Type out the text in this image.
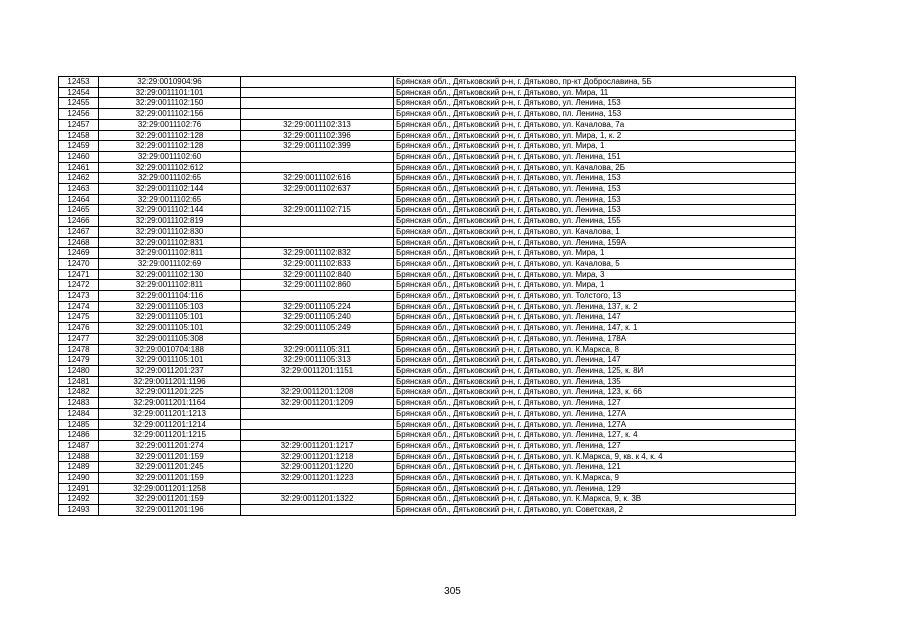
12453	32:29:0010904:96		Брянская обл., Дятьковский р-н, г. Дятьково, пр-кт Доброславина, 5Б
12454	32:29:0011101:101		Брянская обл., Дятьковский р-н, г. Дятьково, ул. Мира, 11
12455	32:29:0011102:150		Брянская обл., Дятьковский р-н, г. Дятьково, ул. Ленина, 153
12456	32:29:0011102:156		Брянская обл., Дятьковский р-н, г. Дятьково, пл. Ленина, 153
12457	32:29:0011102:76	32:29:0011102:313	Брянская обл., Дятьковский р-н, г. Дятьково, ул. Качалова, 7а
12458	32:29:0011102:128	32:29:0011102:396	Брянская обл., Дятьковский р-н, г. Дятьково, ул. Мира, 1, к. 2
12459	32:29:0011102:128	32:29:0011102:399	Брянская обл., Дятьковский р-н, г. Дятьково, ул. Мира, 1
12460	32:29:0011102:60		Брянская обл., Дятьковский р-н, г. Дятьково, ул. Ленина, 151
12461	32:29:0011102:612		Брянская обл., Дятьковский р-н, г. Дятьково, ул. Качалова, 2Б
12462	32:29:0011102:65	32:29:0011102:616	Брянская обл., Дятьковский р-н, г. Дятьково, ул. Ленина, 153
12463	32:29:0011102:144	32:29:0011102:637	Брянская обл., Дятьковский р-н, г. Дятьково, ул. Ленина, 153
12464	32:29:0011102:65		Брянская обл., Дятьковский р-н, г. Дятьково, ул. Ленина, 153
12465	32:29:0011102:144	32:29:0011102:715	Брянская обл., Дятьковский р-н, г. Дятьково, ул. Ленина, 153
12466	32:29:0011102:819		Брянская обл., Дятьковский р-н, г. Дятьково, ул. Ленина, 155
12467	32:29:0011102:830		Брянская обл., Дятьковский р-н, г. Дятьково, ул. Качалова, 1
12468	32:29:0011102:831		Брянская обл., Дятьковский р-н, г. Дятьково, ул. Ленина, 159А
12469	32:29:0011102:811	32:29:0011102:832	Брянская обл., Дятьковский р-н, г. Дятьково, ул. Мира, 1
12470	32:29:0011102:69	32:29:0011102:833	Брянская обл., Дятьковский р-н, г. Дятьково, ул. Качалова, 5
12471	32:29:0011102:130	32:29:0011102:840	Брянская обл., Дятьковский р-н, г. Дятьково, ул. Мира, 3
12472	32:29:0011102:811	32:29:0011102:860	Брянская обл., Дятьковский р-н, г. Дятьково, ул. Мира, 1
12473	32:29:0011104:116		Брянская обл., Дятьковский р-н, г. Дятьково, ул. Толстого, 13
12474	32:29:0011105:103	32:29:0011105:224	Брянская обл., Дятьковский р-н, г. Дятьково, ул. Ленина, 137, к. 2
12475	32:29:0011105:101	32:29:0011105:240	Брянская обл., Дятьковский р-н, г. Дятьково, ул. Ленина, 147
12476	32:29:0011105:101	32:29:0011105:249	Брянская обл., Дятьковский р-н, г. Дятьково, ул. Ленина, 147, к. 1
12477	32:29:0011105:308		Брянская обл., Дятьковский р-н, г. Дятьково, ул. Ленина, 178А
12478	32:29:0010704:188	32:29:0011105:311	Брянская обл., Дятьковский р-н, г. Дятьково, ул. К.Маркса, 8
12479	32:29:0011105:101	32:29:0011105:313	Брянская обл., Дятьковский р-н, г. Дятьково, ул. Ленина, 147
12480	32:29:0011201:237	32:29:0011201:1151	Брянская обл., Дятьковский р-н, г. Дятьково, ул. Ленина, 125, к. 8И
12481	32:29:0011201:1196		Брянская обл., Дятьковский р-н, г. Дятьково, ул. Ленина, 135
12482	32:29:0011201:225	32:29:0011201:1208	Брянская обл., Дятьковский р-н, г. Дятьково, ул. Ленина, 123, к. 66
12483	32:29:0011201:1164	32:29:0011201:1209	Брянская обл., Дятьковский р-н, г. Дятьково, ул. Ленина, 127
12484	32:29:0011201:1213		Брянская обл., Дятьковский р-н, г. Дятьково, ул. Ленина, 127А
12485	32:29:0011201:1214		Брянская обл., Дятьковский р-н, г. Дятьково, ул. Ленина, 127А
12486	32:29:0011201:1215		Брянская обл., Дятьковский р-н, г. Дятьково, ул. Ленина, 127, к. 4
12487	32:29:0011201:274	32:29:0011201:1217	Брянская обл., Дятьковский р-н, г. Дятьково, ул. Ленина, 127
12488	32:29:0011201:159	32:29:0011201:1218	Брянская обл., Дятьковский р-н, г. Дятьково, ул. К.Маркса, 9, кв. к 4, к. 4
12489	32:29:0011201:245	32:29:0011201:1220	Брянская обл., Дятьковский р-н, г. Дятьково, ул. Ленина, 121
12490	32:29:0011201:159	32:29:0011201:1223	Брянская обл., Дятьковский р-н, г. Дятьково, ул. К.Маркса, 9
12491	32:29:0011201:1258		Брянская обл., Дятьковский р-н, г. Дятьково, ул. Ленина, 129
12492	32:29:0011201:159	32:29:0011201:1322	Брянская обл., Дятьковский р-н, г. Дятьково, ул. К.Маркса, 9, к. 3В
12493	32:29:0011201:196		Брянская обл., Дятьковский р-н, г. Дятьково, ул. Советская, 2
305
